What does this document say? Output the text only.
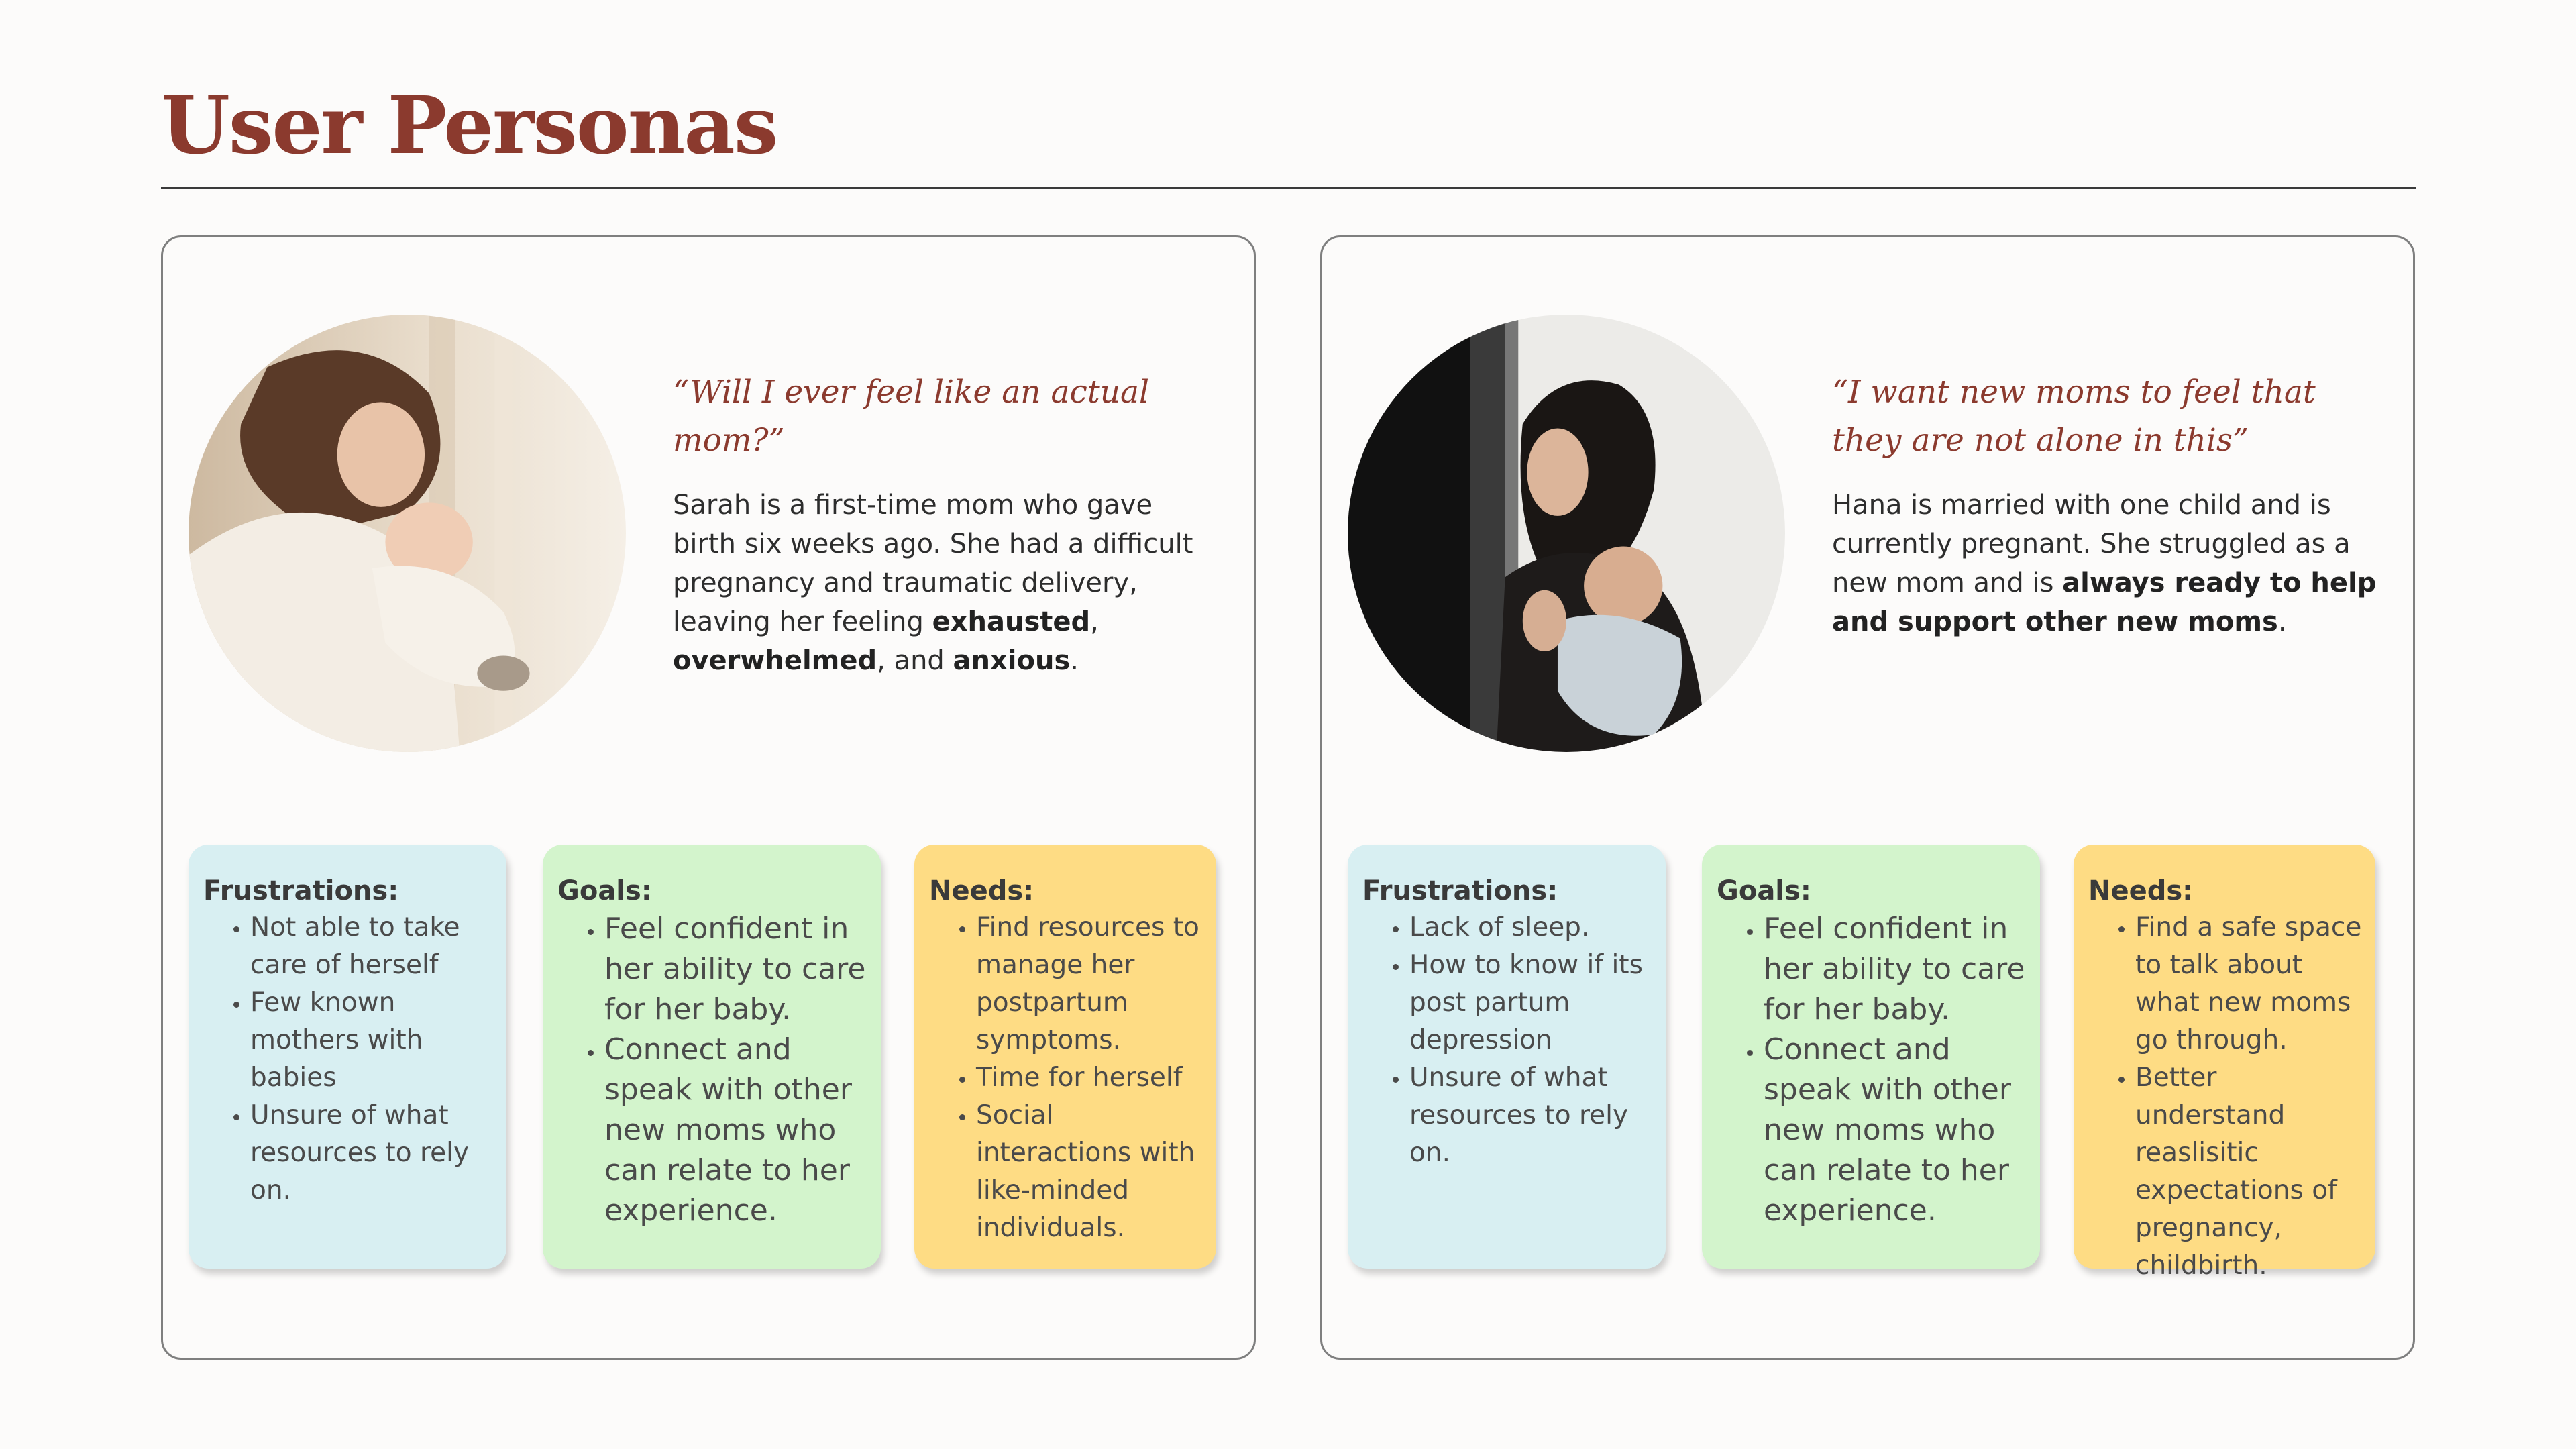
User Personas

“Will I ever feel like an actual mom?”

Sarah is a first-time mom who gave birth six weeks ago. She had a difficult pregnancy and traumatic delivery, leaving her feeling exhausted, overwhelmed, and anxious.

Frustrations:

• Not able to take care of herself
• Few known mothers with babies
• Unsure of what resources to rely on.

Goals:

• Feel confident in her ability to care for her baby.
• Connect and speak with other new moms who can relate to her experience.

Needs:

• Find resources to manage her postpartum symptoms.
• Time for herself
• Social interactions with like-minded individuals.

“I want new moms to feel that they are not alone in this”

Hana is married with one child and is currently pregnant. She struggled as a new mom and is always ready to help and support other new moms.

Frustrations:

• Lack of sleep.
• How to know if its post partum depression
• Unsure of what resources to rely on.

Goals:

• Feel confident in her ability to care for her baby.
• Connect and speak with other new moms who can relate to her experience.

Needs:

• Find a safe space to talk about what new moms go through.
• Better understand reaslisitic expectations of pregnancy, childbirth.
